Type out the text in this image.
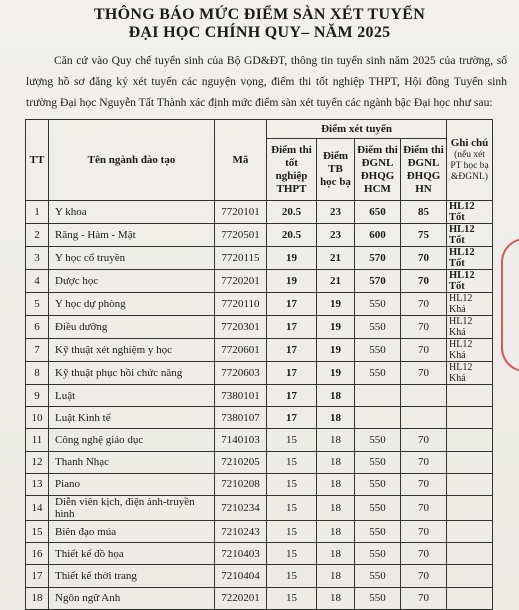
THÔNG BÁO MỨC ĐIỂM SÀN XÉT TUYỂN
ĐẠI HỌC CHÍNH QUY– NĂM 2025
Căn cứ vào Quy chế tuyển sinh của Bộ GD&ĐT, thông tin tuyển sinh năm 2025 của trường, số lượng hồ sơ đăng ký xét tuyển các nguyện vọng, điểm thi tốt nghiệp THPT, Hội đồng Tuyển sinh trường Đại học Nguyễn Tất Thành xác định mức điểm sàn xét tuyển các ngành bậc Đại học như sau:
TT	Tên ngành đào tạo	Mã	Điểm xét tuyển				Ghi chú
(nếu xét PT học bạ &ĐGNL)

			Điểm thi tốt nghiệp THPT	Điểm TB học bạ	Điểm thi ĐGNL ĐHQG HCM	Điểm thi ĐGNL ĐHQG HN	
1	Y khoa	7720101	20.5	23	650	85	HL12 Tốt
2	Răng - Hàm - Mặt	7720501	20.5	23	600	75	HL12 Tốt
3	Y học cổ truyền	7720115	19	21	570	70	HL12 Tốt
4	Dược học	7720201	19	21	570	70	HL12 Tốt
5	Y học dự phòng	7720110	17	19	550	70	HL12 Khá
6	Điều dưỡng	7720301	17	19	550	70	HL12 Khá
7	Kỹ thuật xét nghiệm y học	7720601	17	19	550	70	HL12 Khá
8	Kỹ thuật phục hồi chức năng	7720603	17	19	550	70	HL12 Khá
9	Luật	7380101	17	18			
10	Luật Kinh tế	7380107	17	18			
11	Công nghệ giáo dục	7140103	15	18	550	70	
12	Thanh Nhạc	7210205	15	18	550	70	
13	Piano	7210208	15	18	550	70	
14	Diễn viên kịch, điện ảnh-truyền hình	7210234	15	18	550	70	
15	Biên đạo múa	7210243	15	18	550	70	
16	Thiết kế đồ họa	7210403	15	18	550	70	
17	Thiết kế thời trang	7210404	15	18	550	70	
18	Ngôn ngữ Anh	7220201	15	18	550	70	
